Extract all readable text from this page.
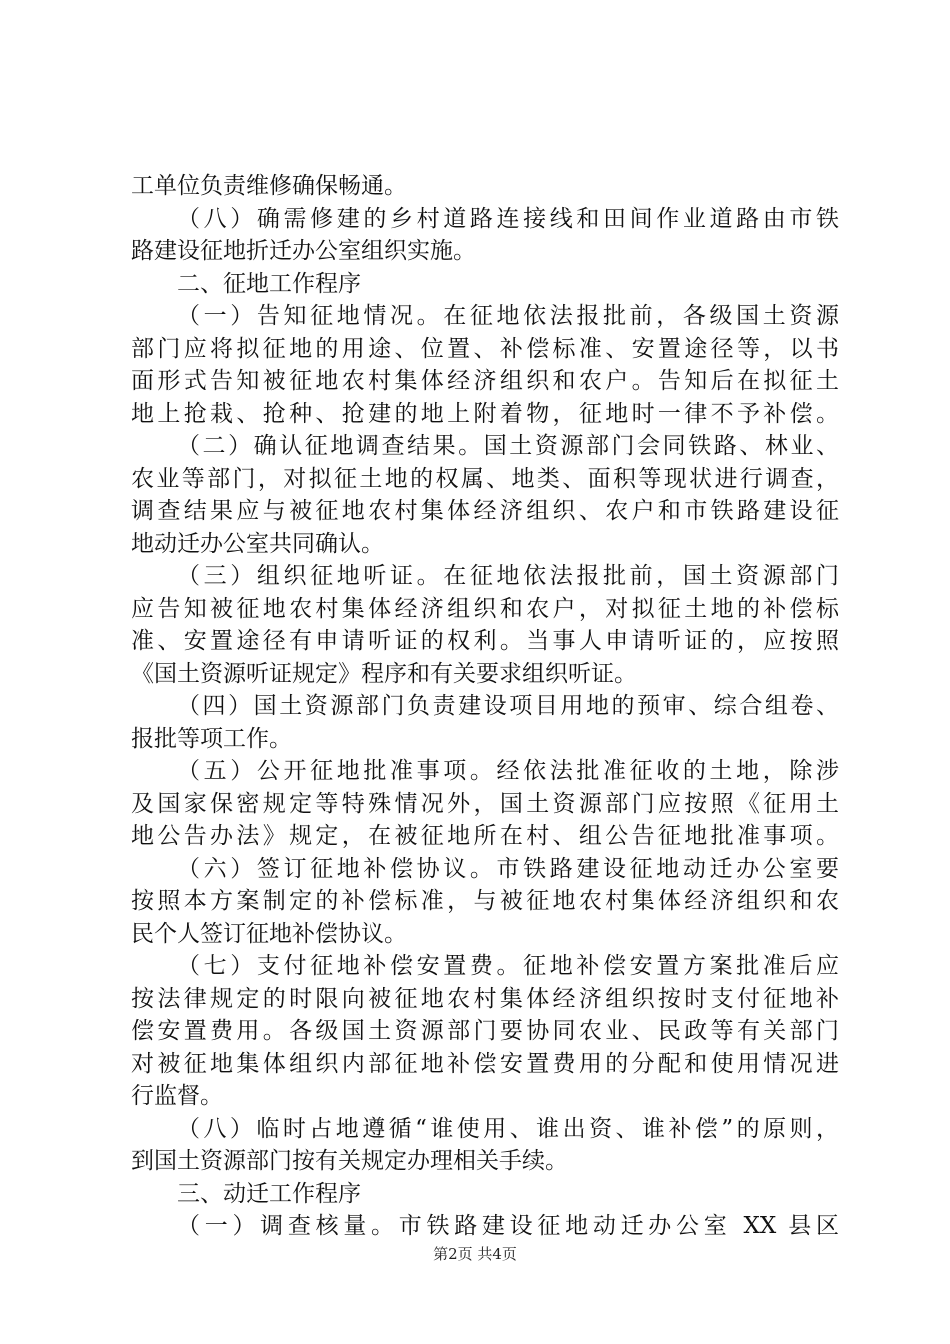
工单位负责维修确保畅通。
（八）确需修建的乡村道路连接线和田间作业道路由市铁
路建设征地折迁办公室组织实施。
二、征地工作程序
（一）告知征地情况。在征地依法报批前，各级国土资源
部门应将拟征地的用途、位置、补偿标准、安置途径等，以书
面形式告知被征地农村集体经济组织和农户。告知后在拟征土
地上抢栽、抢种、抢建的地上附着物，征地时一律不予补偿。
（二）确认征地调查结果。国土资源部门会同铁路、林业、
农业等部门，对拟征土地的权属、地类、面积等现状进行调查，
调查结果应与被征地农村集体经济组织、农户和市铁路建设征
地动迁办公室共同确认。
（三）组织征地听证。在征地依法报批前，国土资源部门
应告知被征地农村集体经济组织和农户，对拟征土地的补偿标
准、安置途径有申请听证的权利。当事人申请听证的，应按照
《国土资源听证规定》程序和有关要求组织听证。
（四）国土资源部门负责建设项目用地的预审、综合组卷、
报批等项工作。
（五）公开征地批准事项。经依法批准征收的土地，除涉
及国家保密规定等特殊情况外，国土资源部门应按照《征用土
地公告办法》规定，在被征地所在村、组公告征地批准事项。
（六）签订征地补偿协议。市铁路建设征地动迁办公室要
按照本方案制定的补偿标准，与被征地农村集体经济组织和农
民个人签订征地补偿协议。
（七）支付征地补偿安置费。征地补偿安置方案批准后应
按法律规定的时限向被征地农村集体经济组织按时支付征地补
偿安置费用。各级国土资源部门要协同农业、民政等有关部门
对被征地集体组织内部征地补偿安置费用的分配和使用情况进
行监督。
（八）临时占地遵循“谁使用、谁出资、谁补偿”的原则，
到国土资源部门按有关规定办理相关手续。
三、动迁工作程序
（一）调查核量。市铁路建设征地动迁办公室 XX 县区
第2页 共4页
